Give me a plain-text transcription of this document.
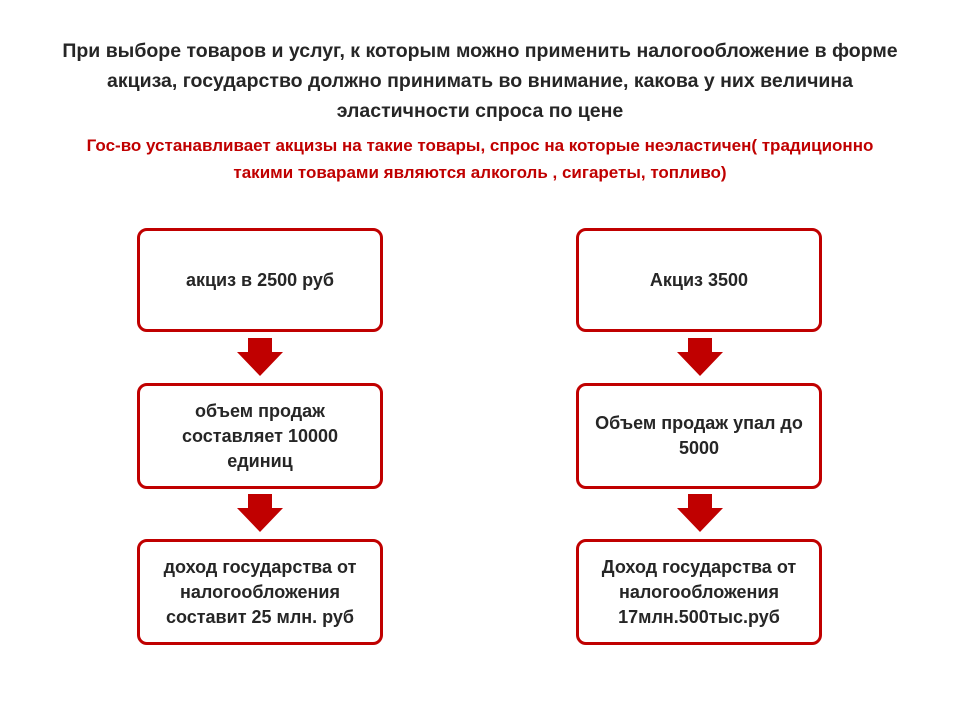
При выборе товаров и услуг, к которым можно применить налогообложение в форме акциза, государство должно принимать во внимание, какова у них величина эластичности спроса по цене
Гос-во устанавливает акцизы на такие товары, спрос на которые неэластичен( традиционно такими товарами являются алкоголь , сигареты, топливо)
акциз в 2500 руб
объем продаж составляет 10000 единиц
доход государства от налогообложения составит 25 млн. руб
Акциз 3500
Объем продаж упал до 5000
Доход государства от налогообложения 17млн.500тыс.руб
